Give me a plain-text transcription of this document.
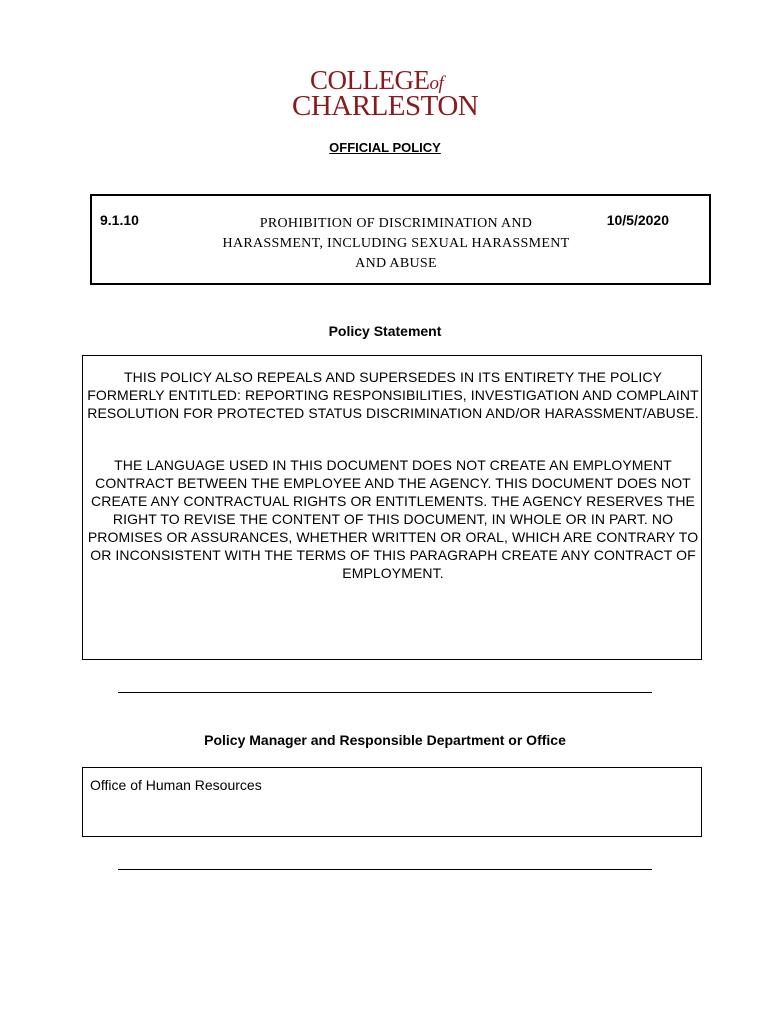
COLLEGEof
CHARLESTON
OFFICIAL POLICY
9.1.10	PROHIBITION OF DISCRIMINATION AND
HARASSMENT, INCLUDING SEXUAL HARASSMENT
AND ABUSE
10/5/2020
Policy Statement
THIS POLICY ALSO REPEALS AND SUPERSEDES IN ITS ENTIRETY THE POLICY FORMERLY ENTITLED: REPORTING RESPONSIBILITIES, INVESTIGATION AND COMPLAINT RESOLUTION FOR PROTECTED STATUS DISCRIMINATION AND/OR HARASSMENT/ABUSE.
THE LANGUAGE USED IN THIS DOCUMENT DOES NOT CREATE AN EMPLOYMENT CONTRACT BETWEEN THE EMPLOYEE AND THE AGENCY. THIS DOCUMENT DOES NOT CREATE ANY CONTRACTUAL RIGHTS OR ENTITLEMENTS. THE AGENCY RESERVES THE RIGHT TO REVISE THE CONTENT OF THIS DOCUMENT, IN WHOLE OR IN PART. NO PROMISES OR ASSURANCES, WHETHER WRITTEN OR ORAL, WHICH ARE CONTRARY TO OR INCONSISTENT WITH THE TERMS OF THIS PARAGRAPH CREATE ANY CONTRACT OF EMPLOYMENT.
Policy Manager and Responsible Department or Office
Office of Human Resources
